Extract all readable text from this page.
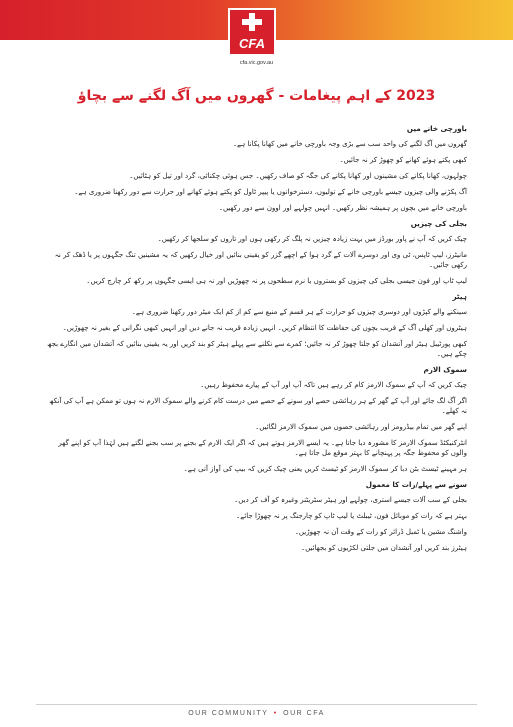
CFA
cfa.vic.gov.au
2023 کے اہم پیغامات - گھروں میں آگ لگنے سے بچاؤ
باورچی خانے میں

گھروں میں آگ لگنے کی واحد سب سے بڑی وجہ باورچی خانے میں کھانا پکانا ہے۔

کبھی پکتے ہوئے کھانے کو چھوڑ کر نہ جائیں۔

چولہوں، کھانا پکانے کی مشینوں اور کھانا پکانے کی جگہ کو صاف رکھیں۔ جس ہوئی چکنائی، گرد اور تیل کو ہٹائیں۔

آگ پکڑنے والی چیزوں جیسے باورچی خانے کے تولیوں، دسترخوانوں یا پیپر ٹاول کو پکتے ہوئے کھانے اور حرارت سے دور رکھنا ضروری ہے۔

باورچی خانے میں بچوں پر ہمیشہ نظر رکھیں۔ انہیں چولہے اور اوون سے دور رکھیں۔

بجلی کی چیزیں

چیک کریں کہ آپ نے پاور بورڈز میں بہت زیادہ چیزیں نہ پلگ کر رکھی ہوں اور تاروں کو سلجھا کر رکھیں۔

مانیٹرز، لیپ ٹاپس، ٹی وی اور دوسرے آلات کے گرد ہوا کے اچھے گزر کو یقینی بنائیں اور خیال رکھیں کہ یہ مشینیں تنگ جگہوں پر یا ڈھک کر نہ رکھی جائیں۔

لیپ ٹاپ اور فون جیسی بجلی کی چیزوں کو بستروں یا نرم سطحوں پر نہ چھوڑیں اور نہ ہی ایسی جگہوں پر رکھ کر چارج کریں۔

ہیٹر

سینکنے والے کپڑوں اور دوسری چیزوں کو حرارت کے ہر قسم کے منبع سے کم از کم ایک میٹر دور رکھنا ضروری ہے۔

ہیٹروں اور کھلی آگ کے قریب بچوں کی حفاظت کا انتظام کریں۔ انہیں زیادہ قریب نہ جانے دیں اور انہیں کبھی نگرانی کے بغیر نہ چھوڑیں۔

کبھی پورٹیبل ہیٹر اور آتشدان کو جلتا چھوڑ کر نہ جائیں؛ کمرے سے نکلنے سے پہلے ہیٹر کو بند کریں اور یہ یقینی بنائیں کہ آتشدان میں انگارے بجھ چکے ہیں۔

سموک الارم

چیک کریں کہ آپ کے سموک الارمز کام کر رہے ہیں تاکہ آپ اور آپ کے پیارے محفوظ رہیں۔

اگر آگ لگ جائے اور آپ کے گھر کے ہر رہائشی حصے اور سونے کے حصے میں درست کام کرنے والے سموک الارم نہ ہوں تو ممکن ہے آپ کی آنکھ نہ کھلے۔

اپنے گھر میں تمام بیڈرومز اور رہائشی حصوں میں سموک الارمز لگائیں۔

انٹرکنیکٹڈ سموک الارمز کا مشورہ دیا جاتا ہے۔ یہ ایسے الارمز ہوتے ہیں کہ اگر ایک الارم کے بجنے پر سب بجنے لگتے ہیں لہٰذا آپ کو اپنے گھر والوں کو محفوظ جگہ پر پہنچانے کا بہتر موقع مل جاتا ہے۔

ہر مہینے ٹیسٹ بٹن دبا کر سموک الارمز کو ٹیسٹ کریں یعنی چیک کریں کہ بیپ کی آواز آتی ہے۔

سونے سے پہلے/رات کا معمول

بجلی کے سب آلات جیسے استری، چولہے اور ہیٹر سٹریٹنر وغیرہ کو آف کر دیں۔

بہتر ہے کہ رات کو موبائل فون، ٹیبلٹ یا لیپ ٹاپ کو چارجنگ پر نہ چھوڑا جائے۔

واشنگ مشین یا ٹمبل ڈرائر کو رات کے وقت آن نہ چھوڑیں۔

ہیٹرز بند کریں اور آتشدان میں جلتی لکڑیوں کو بجھائیں۔

OUR COMMUNITY • OUR CFA
